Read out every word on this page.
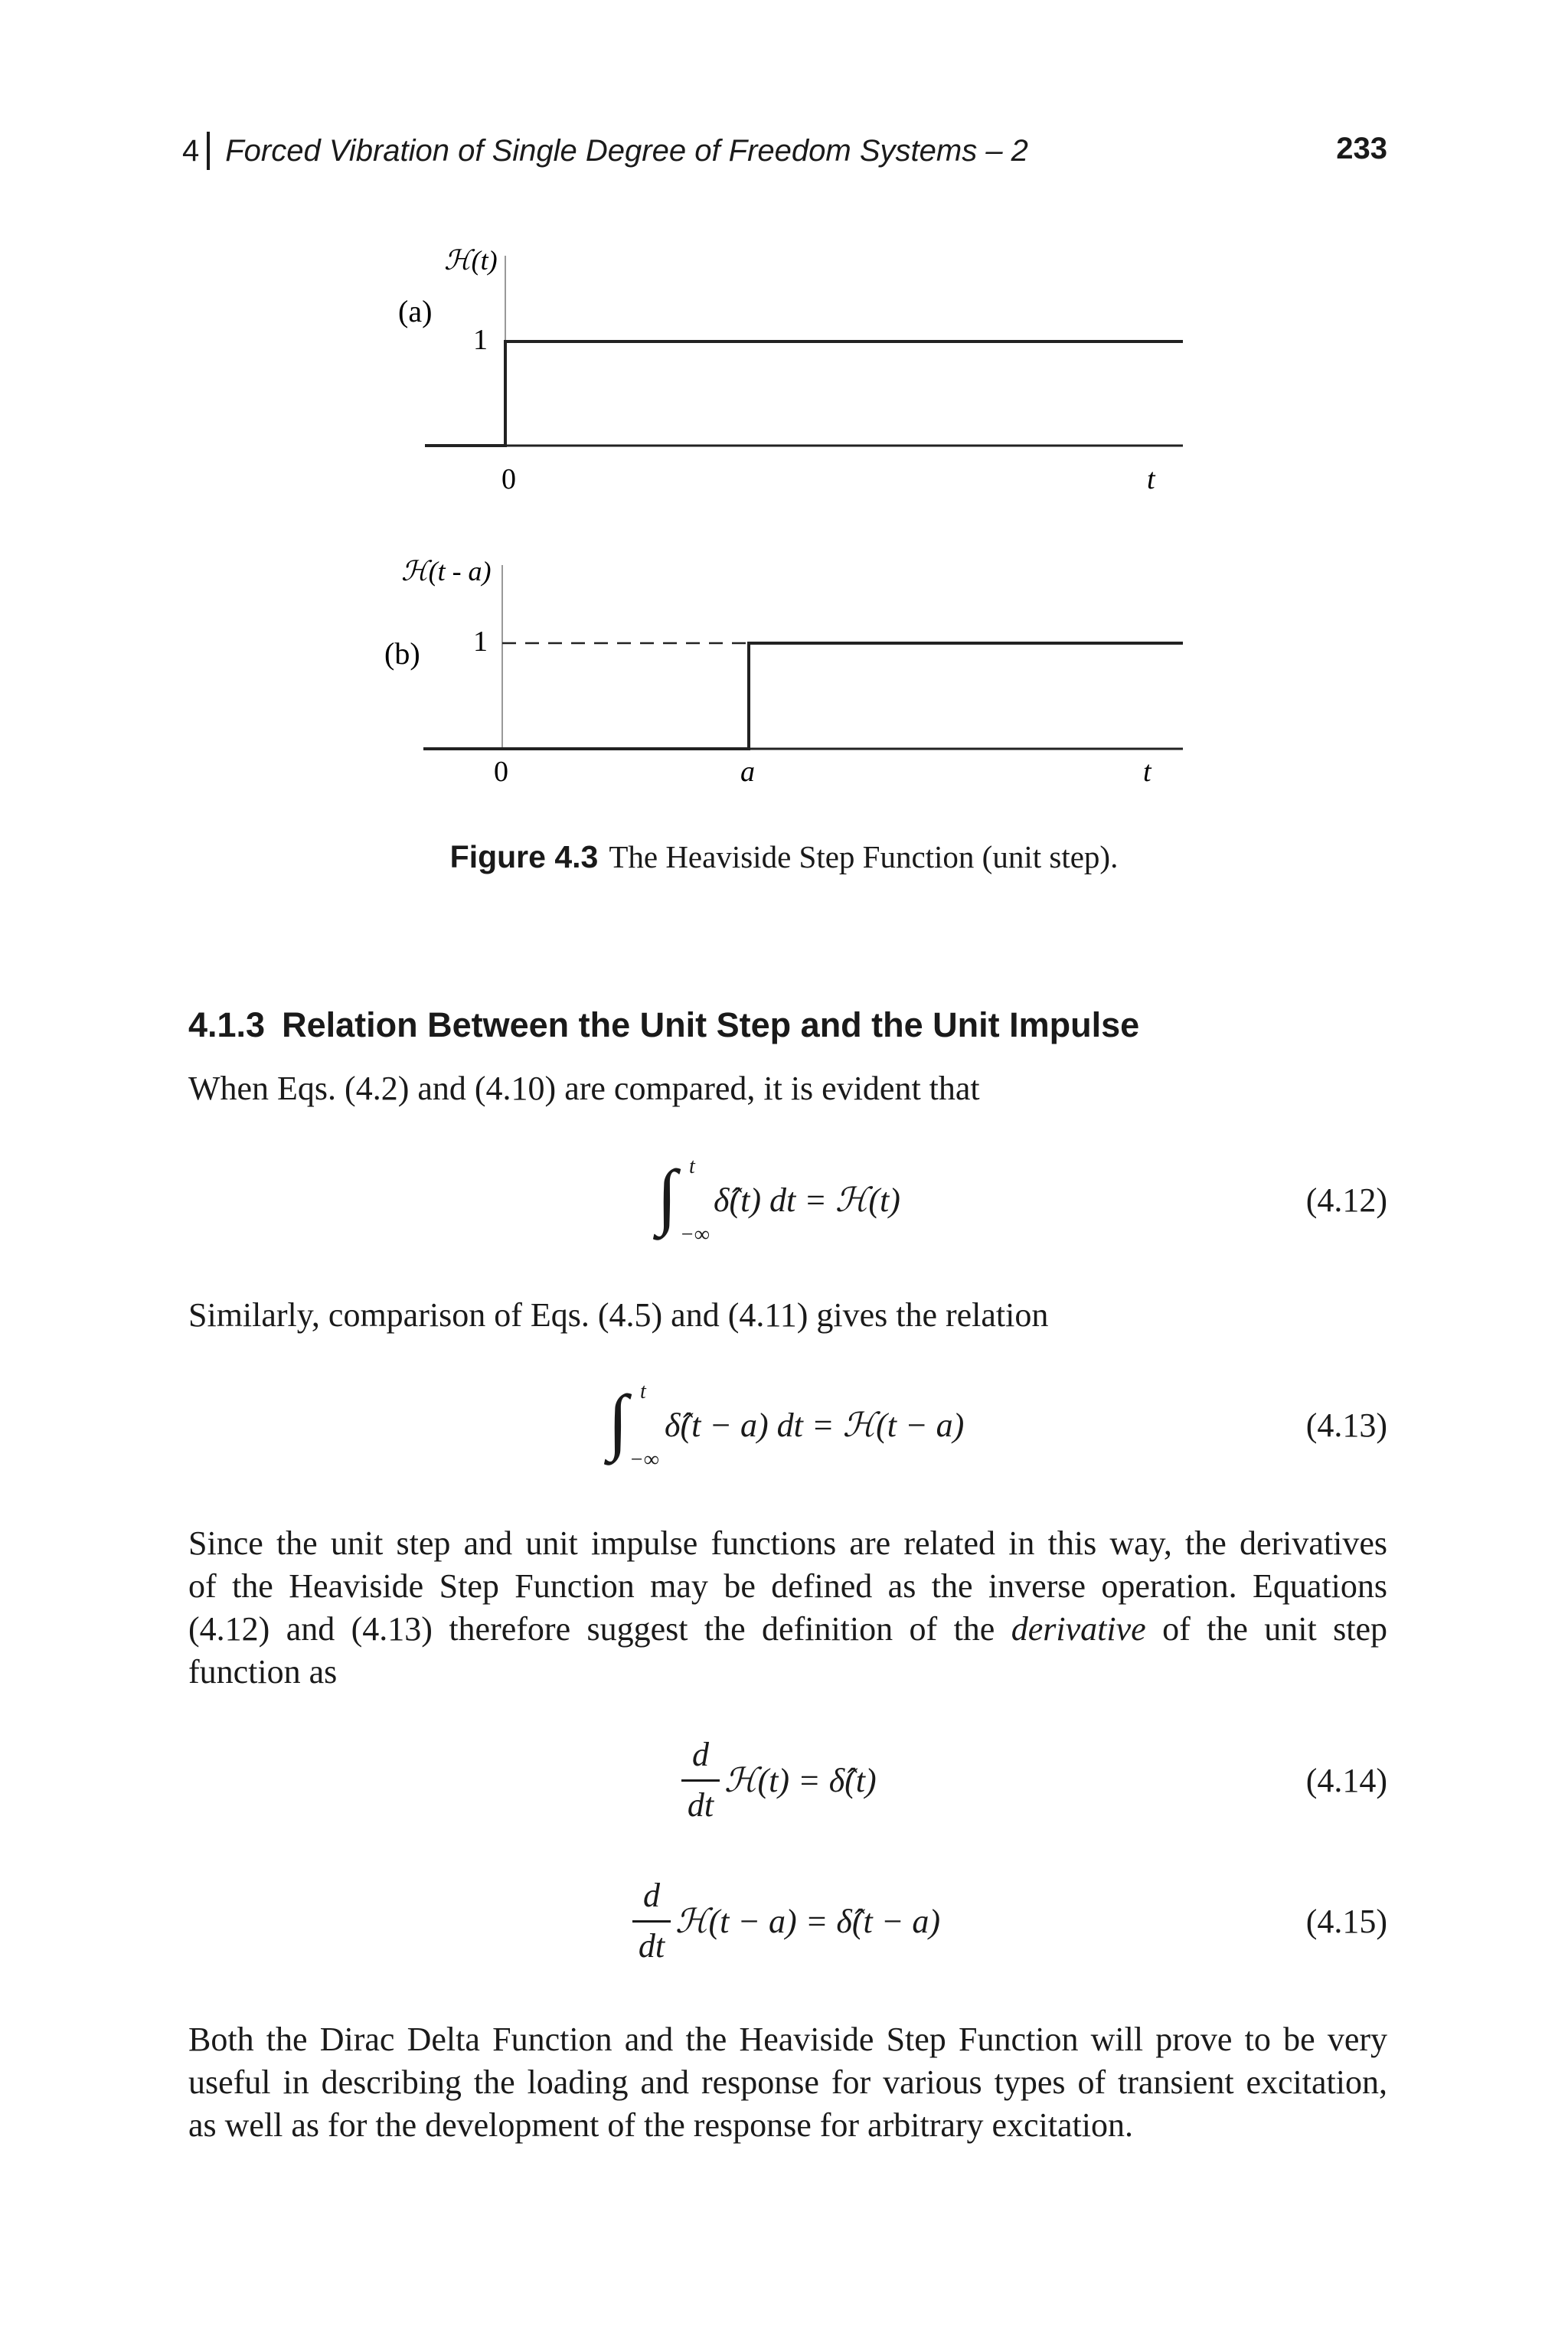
4 Forced Vibration of Single Degree of Freedom Systems – 2	233
(a)
ℋ(t)
1
0	t
(b)
ℋ(t - a)
1
0	a	t
Figure 4.3 The Heaviside Step Function (unit step).
4.1.3 Relation Between the Unit Step and the Unit Impulse
When Eqs. (4.2) and (4.10) are compared, it is evident that
∫ t
−∞
δ̂(t) dt = ℋ(t)	(4.12)
Similarly, comparison of Eqs. (4.5) and (4.11) gives the relation
∫ t
−∞
δ̂(t − a) dt = ℋ(t − a)	(4.13)
Since the unit step and unit impulse functions are related in this way, the derivatives
of the Heaviside Step Function may be defined as the inverse operation. Equations
(4.12) and (4.13) therefore suggest the definition of the derivative of the unit step
function as
d
dt
ℋ(t) = δ̂(t)	(4.14)
d
dt
ℋ(t − a) = δ̂(t − a)	(4.15)
Both the Dirac Delta Function and the Heaviside Step Function will prove to be very
useful in describing the loading and response for various types of transient excitation,
as well as for the development of the response for arbitrary excitation.
